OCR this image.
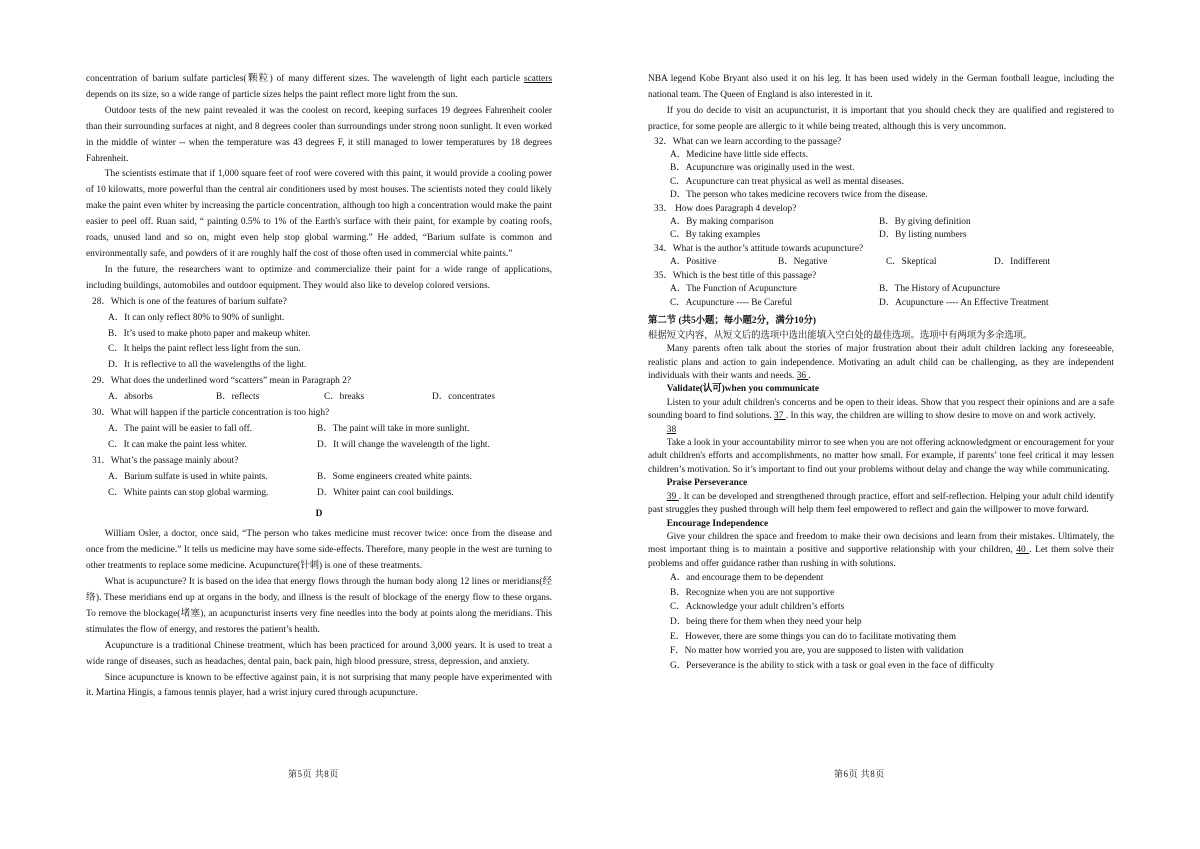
concentration of barium sulfate particles(颗粒) of many different sizes. The wavelength of light each particle scatters depends on its size, so a wide range of particle sizes helps the paint reflect more light from the sun.

Outdoor tests of the new paint revealed it was the coolest on record, keeping surfaces 19 degrees Fahrenheit cooler than their surrounding surfaces at night, and 8 degrees cooler than surroundings under strong noon sunlight. It even worked in the middle of winter -- when the temperature was 43 degrees F, it still managed to lower temperatures by 18 degrees Fahrenheit.

The scientists estimate that if 1,000 square feet of roof were covered with this paint, it would provide a cooling power of 10 kilowatts, more powerful than the central air conditioners used by most houses. The scientists noted they could likely make the paint even whiter by increasing the particle concentration, although too high a concentration would make the paint easier to peel off. Ruan said, “ painting 0.5% to 1% of the Earth's surface with their paint, for example by coating roofs, roads, unused land and so on, might even help stop global warming.” He added, “Barium sulfate is common and environmentally safe, and powders of it are roughly half the cost of those often used in commercial white paints.”

In the future, the researchers want to optimize and commercialize their paint for a wide range of applications, including buildings, automobiles and outdoor equipment. They would also like to develop colored versions.

28．Which is one of the features of barium sulfate?

A．It can only reflect 80% to 90% of sunlight.

B．It’s used to make photo paper and makeup whiter.

C．It helps the paint reflect less light from the sun.

D．It is reflective to all the wavelengths of the light.

29．What does the underlined word “scatters” mean in Paragraph 2?

A．absorbs	B．reflects	C．breaks	D．concentrates

30．What will happen if the particle concentration is too high?

A．The paint will be easier to fall off.	B．The paint will take in more sunlight.
C．It can make the paint less whiter.	D．It will change the wavelength of the light.

31．What’s the passage mainly about?

A．Barium sulfate is used in white paints.	B．Some engineers created white paints.
C．White paints can stop global warming.	D．Whiter paint can cool buildings.

D

William Osler, a doctor, once said, “The person who takes medicine must recover twice: once from the disease and once from the medicine.” It tells us medicine may have some side-effects. Therefore, many people in the west are turning to other treatments to replace some medicine. Acupuncture(针刺) is one of these treatments.

What is acupuncture? It is based on the idea that energy flows through the human body along 12 lines or meridians(经络). These meridians end up at organs in the body, and illness is the result of blockage of the energy flow to these organs. To remove the blockage(堵塞), an acupuncturist inserts very fine needles into the body at points along the meridians. This stimulates the flow of energy, and restores the patient’s health.

Acupuncture is a traditional Chinese treatment, which has been practiced for around 3,000 years. It is used to treat a wide range of diseases, such as headaches, dental pain, back pain, high blood pressure, stress, depression, and anxiety.

Since acupuncture is known to be effective against pain, it is not surprising that many people have experimented with it. Martina Hingis, a famous tennis player, had a wrist injury cured through acupuncture.

NBA legend Kobe Bryant also used it on his leg. It has been used widely in the German football league, including the national team. The Queen of England is also interested in it.

If you do decide to visit an acupuncturist, it is important that you should check they are qualified and registered to practice, for some people are allergic to it while being treated, although this is very uncommon.

32．What can we learn according to the passage?

A．Medicine have little side effects.

B．Acupuncture was originally used in the west.

C．Acupuncture can treat physical as well as mental diseases.

D．The person who takes medicine recovers twice from the disease.

33． How does Paragraph 4 develop?

A．By making comparison	B．By giving definition
C．By taking examples	D．By listing numbers

34．What is the author’s attitude towards acupuncture?

A．Positive	B．Negative	C．Skeptical	D．Indifferent

35．Which is the best title of this passage?

A．The Function of Acupuncture	B．The History of Acupuncture
C．Acupuncture ---- Be Careful	D．Acupuncture ---- An Effective Treatment

第二节 (共5小题；每小题2分，满分10分)

根据短文内容，从短文后的选项中选出能填入空白处的最佳选项。选项中有两项为多余选项。

Many parents often talk about the stories of major frustration about their adult children lacking any foreseeable, realistic plans and action to gain independence. Motivating an adult child can be challenging, as they are independent individuals with their wants and needs. 36 .

Validate(认可)when you communicate

Listen to your adult children's concerns and be open to their ideas. Show that you respect their opinions and are a safe sounding board to find solutions. 37 . In this way, the children are willing to show desire to move on and work actively.

38

Take a look in your accountability mirror to see when you are not offering acknowledgment or encouragement for your adult children's efforts and accomplishments, no matter how small. For example, if parents’ tone feel critical it may lessen children’s motivation. So it’s important to find out your problems without delay and change the way while communicating.

Praise Perseverance

39 . It can be developed and strengthened through practice, effort and self-reflection. Helping your adult child identify past struggles they pushed through will help them feel empowered to reflect and gain the willpower to move forward.

Encourage Independence

Give your children the space and freedom to make their own decisions and learn from their mistakes. Ultimately, the most important thing is to maintain a positive and supportive relationship with your children, 40 . Let them solve their problems and offer guidance rather than rushing in with solutions.

A．and encourage them to be dependent

B．Recognize when you are not supportive

C．Acknowledge your adult children’s efforts

D．being there for them when they need your help

E．However, there are some things you can do to facilitate motivating them

F．No matter how worried you are, you are supposed to listen with validation

G．Perseverance is the ability to stick with a task or goal even in the face of difficulty

第5页 共8页	第6页 共8页
